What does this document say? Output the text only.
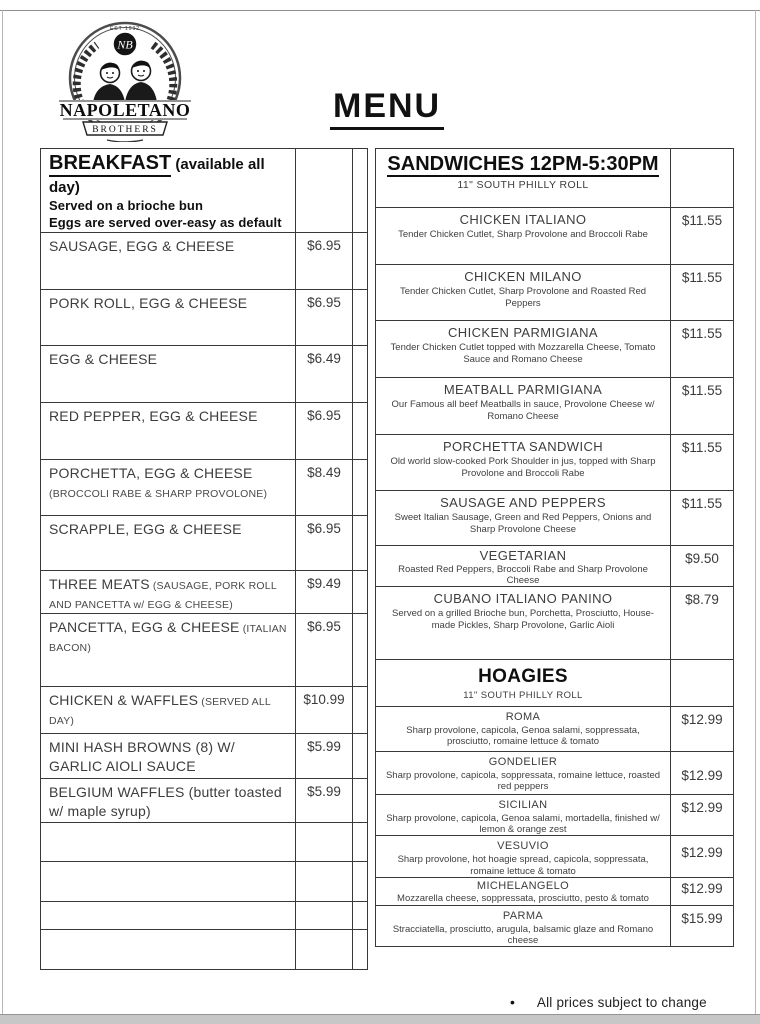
EST 1992
NB
NAPOLETANO
BROTHERS
MENU
BREAKFAST (available all day)
Served on a brioche bun
Eggs are served over-easy as default		

SAUSAGE, EGG & CHEESE	$6.95	
PORK ROLL, EGG & CHEESE	$6.95	
EGG & CHEESE	$6.49	
RED PEPPER, EGG & CHEESE	$6.95	
PORCHETTA, EGG & CHEESE (BROCCOLI RABE & SHARP PROVOLONE)	$8.49	
SCRAPPLE, EGG & CHEESE	$6.95	
THREE MEATS (SAUSAGE, PORK ROLL AND PANCETTA w/ EGG & CHEESE)	$9.49	
PANCETTA, EGG & CHEESE (ITALIAN BACON)	$6.95	
CHICKEN & WAFFLES (SERVED ALL DAY)	$10.99	
MINI HASH BROWNS (8) W/ GARLIC AIOLI SAUCE	$5.99	
BELGIUM WAFFLES (butter toasted w/ maple syrup)	$5.99	

SANDWICHES 12PM-5:30PM
11" SOUTH PHILLY ROLL	

CHICKEN ITALIANO
Tender Chicken Cutlet, Sharp Provolone and Broccoli Rabe	$11.55

CHICKEN MILANO
Tender Chicken Cutlet, Sharp Provolone and Roasted Red Peppers	$11.55

CHICKEN PARMIGIANA
Tender Chicken Cutlet topped with Mozzarella Cheese, Tomato Sauce and Romano Cheese	$11.55

MEATBALL PARMIGIANA
Our Famous all beef Meatballs in sauce, Provolone Cheese w/ Romano Cheese	$11.55

PORCHETTA SANDWICH
Old world slow-cooked Pork Shoulder in jus, topped with Sharp Provolone and Broccoli Rabe	$11.55

SAUSAGE AND PEPPERS
Sweet Italian Sausage, Green and Red Peppers, Onions and Sharp Provolone Cheese	$11.55

VEGETARIAN
Roasted Red Peppers, Broccoli Rabe and Sharp Provolone Cheese	$9.50

CUBANO ITALIANO PANINO
Served on a grilled Brioche bun, Porchetta, Prosciutto, House-made Pickles, Sharp Provolone, Garlic Aioli	$8.79

HOAGIES
11" SOUTH PHILLY ROLL	

ROMA
Sharp provolone, capicola, Genoa salami, soppressata, prosciutto, romaine lettuce & tomato	$12.99

GONDELIER
Sharp provolone, capicola, soppressata, romaine lettuce, roasted red peppers	$12.99

SICILIAN
Sharp provolone, capicola, Genoa salami, mortadella, finished w/ lemon & orange zest	$12.99

VESUVIO
Sharp provolone, hot hoagie spread, capicola, soppressata, romaine lettuce & tomato	$12.99

MICHELANGELO
Mozzarella cheese, soppressata, prosciutto, pesto & tomato	$12.99

PARMA
Stracciatella, prosciutto, arugula, balsamic glaze and Romano cheese	$15.99
• All prices subject to change
